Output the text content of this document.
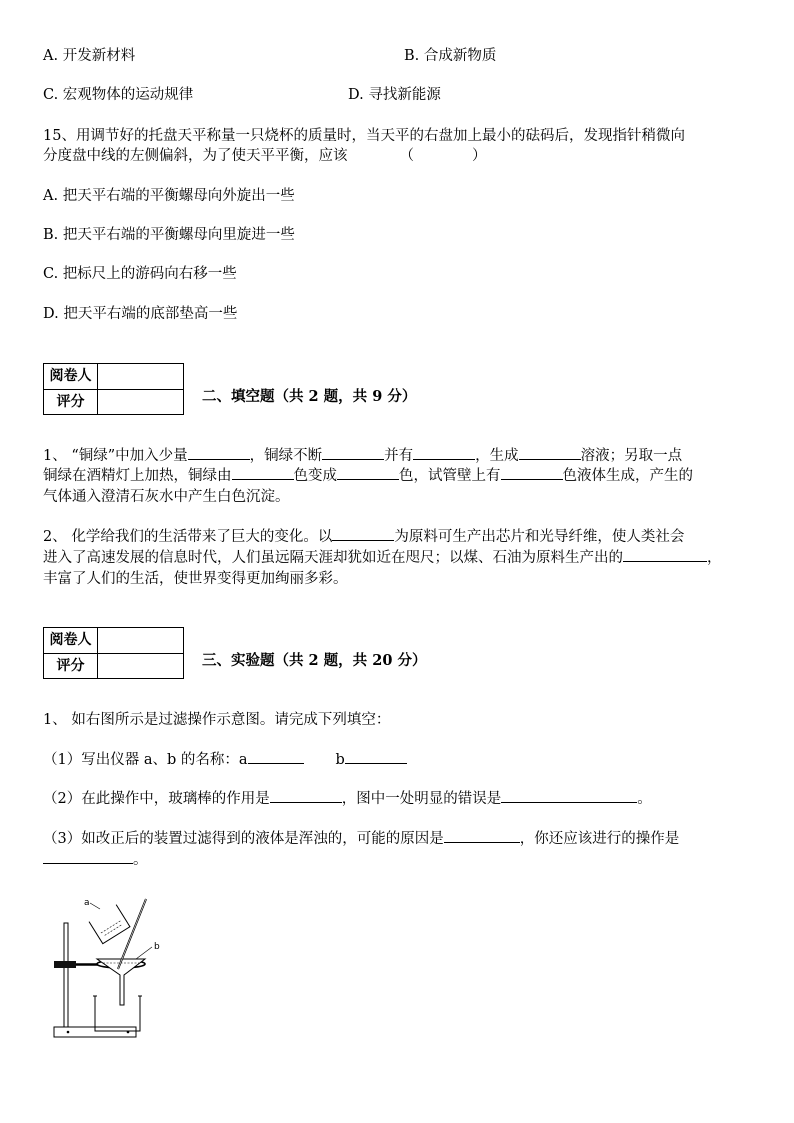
A. 开发新材料	B. 合成新物质
C. 宏观物体的运动规律	D. 寻找新能源
15、用调节好的托盘天平称量一只烧杯的质量时，当天平的右盘加上最小的砝码后，发现指针稍微向
分度盘中线的左侧偏斜，为了使天平平衡，应该	（　　　　）
A. 把天平右端的平衡螺母向外旋出一些
B. 把天平右端的平衡螺母向里旋进一些
C. 把标尺上的游码向右移一些
D. 把天平右端的底部垫高一些
阅卷人
评分	二、填空题（共 2 题，共 9 分）
1、 “铜绿”中加入少量	，铜绿不断	并有	，生成	溶液；另取一点
铜绿在酒精灯上加热，铜绿由	色变成	色，试管壁上有	色液体生成，产生的
气体通入澄清石灰水中产生白色沉淀。
2、 化学给我们的生活带来了巨大的变化。以	为原料可生产出芯片和光导纤维，使人类社会
进入了高速发展的信息时代，人们虽远隔天涯却犹如近在咫尺；以煤、石油为原料生产出的	，
丰富了人们的生活，使世界变得更加绚丽多彩。
阅卷人
评分	三、实验题（共 2 题，共 20 分）
1、 如右图所示是过滤操作示意图。请完成下列填空：
（1）写出仪器 a、b 的名称：a	b
（2）在此操作中，玻璃棒的作用是	，图中一处明显的错误是	。
（3）如改正后的装置过滤得到的液体是浑浊的，可能的原因是	，你还应该进行的操作是
。
a
b
